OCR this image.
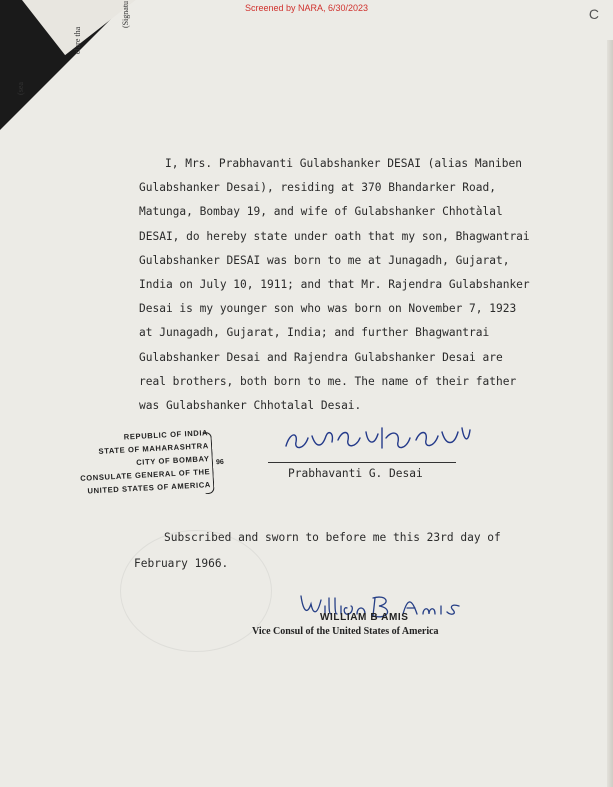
(Signatu
clare tha
(sea
Screened by NARA, 6/30/2023	C
I, Mrs. Prabhavanti Gulabshanker DESAI (alias Maniben
Gulabshanker Desai), residing at 370 Bhandarker Road,
Matunga, Bombay 19, and wife of Gulabshanker Chhotàlal
DESAI, do hereby state under oath that my son, Bhagwantrai
Gulabshanker DESAI was born to me at Junagadh, Gujarat,
India on July 10, 1911; and that Mr. Rajendra Gulabshanker
Desai is my younger son who was born on November 7, 1923
at Junagadh, Gujarat, India; and further Bhagwantrai
Gulabshanker Desai and Rajendra Gulabshanker Desai are
real brothers, both born to me. The name of their father
was Gulabshanker Chhotalal Desai.
REPUBLIC OF INDIA
STATE OF MAHARASHTRA
CITY OF BOMBAY
CONSULATE GENERAL OF THE
UNITED STATES OF AMERICA
96
Prabhavanti G. Desai
Subscribed and sworn to before me this 23rd day of
February 1966.
WILLIAM B AMIS
Vice Consul of the United States of America
